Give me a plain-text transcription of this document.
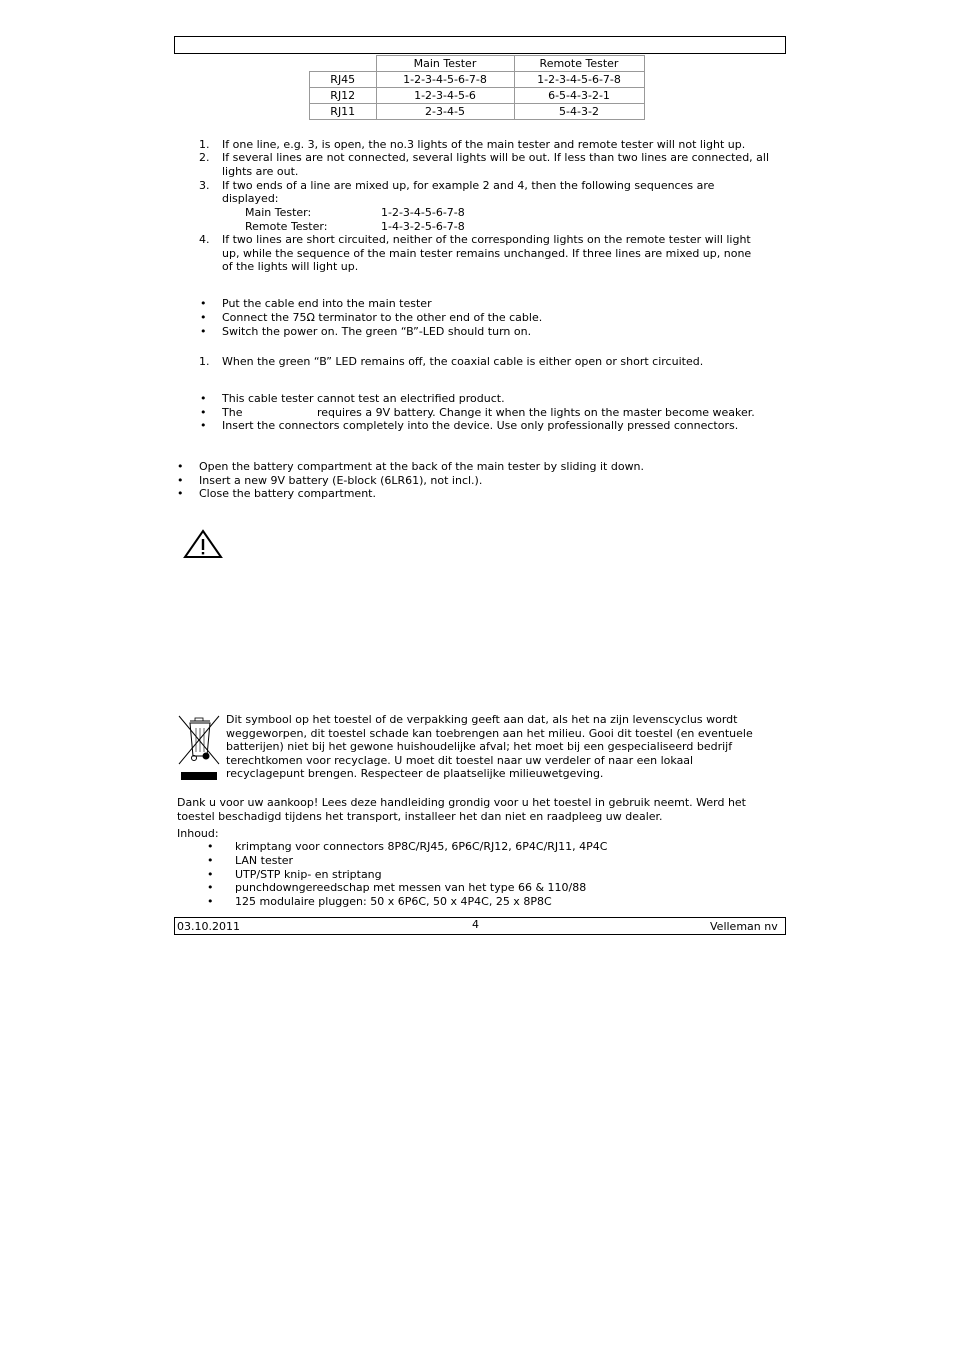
	Main Tester	Remote Tester
RJ45	1-2-3-4-5-6-7-8	1-2-3-4-5-6-7-8
RJ12	1-2-3-4-5-6	6-5-4-3-2-1
RJ11	2-3-4-5	5-4-3-2
1. If one line, e.g. 3, is open, the no.3 lights of the main tester and remote tester will not light up.
2. If several lines are not connected, several lights will be out. If less than two lines are connected, all
lights are out.
3. If two ends of a line are mixed up, for example 2 and 4, then the following sequences are
displayed:
Main Tester:	1-2-3-4-5-6-7-8
Remote Tester:	1-4-3-2-5-6-7-8
4. If two lines are short circuited, neither of the corresponding lights on the remote tester will light
up, while the sequence of the main tester remains unchanged. If three lines are mixed up, none
of the lights will light up.
• Put the cable end into the main tester
• Connect the 75Ω terminator to the other end of the cable.
• Switch the power on. The green “B”-LED should turn on.
1. When the green “B” LED remains off, the coaxial cable is either open or short circuited.
• This cable tester cannot test an electrified product.
• The	requires a 9V battery. Change it when the lights on the master become weaker.
• Insert the connectors completely into the device. Use only professionally pressed connectors.
• Open the battery compartment at the back of the main tester by sliding it down.
• Insert a new 9V battery (E-block (6LR61), not incl.).
• Close the battery compartment.
Dit symbool op het toestel of de verpakking geeft aan dat, als het na zijn levenscyclus wordt
weggeworpen, dit toestel schade kan toebrengen aan het milieu. Gooi dit toestel (en eventuele
batterijen) niet bij het gewone huishoudelijke afval; het moet bij een gespecialiseerd bedrijf
terechtkomen voor recyclage. U moet dit toestel naar uw verdeler of naar een lokaal
recyclagepunt brengen. Respecteer de plaatselijke milieuwetgeving.
Dank u voor uw aankoop! Lees deze handleiding grondig voor u het toestel in gebruik neemt. Werd het
toestel beschadigd tijdens het transport, installeer het dan niet en raadpleeg uw dealer.
Inhoud:
• krimptang voor connectors 8P8C/RJ45, 6P6C/RJ12, 6P4C/RJ11, 4P4C
• LAN tester
• UTP/STP knip- en striptang
• punchdowngereedschap met messen van het type 66 & 110/88
• 125 modulaire pluggen: 50 x 6P6C, 50 x 4P4C, 25 x 8P8C
03.10.2011	4	Velleman nv
